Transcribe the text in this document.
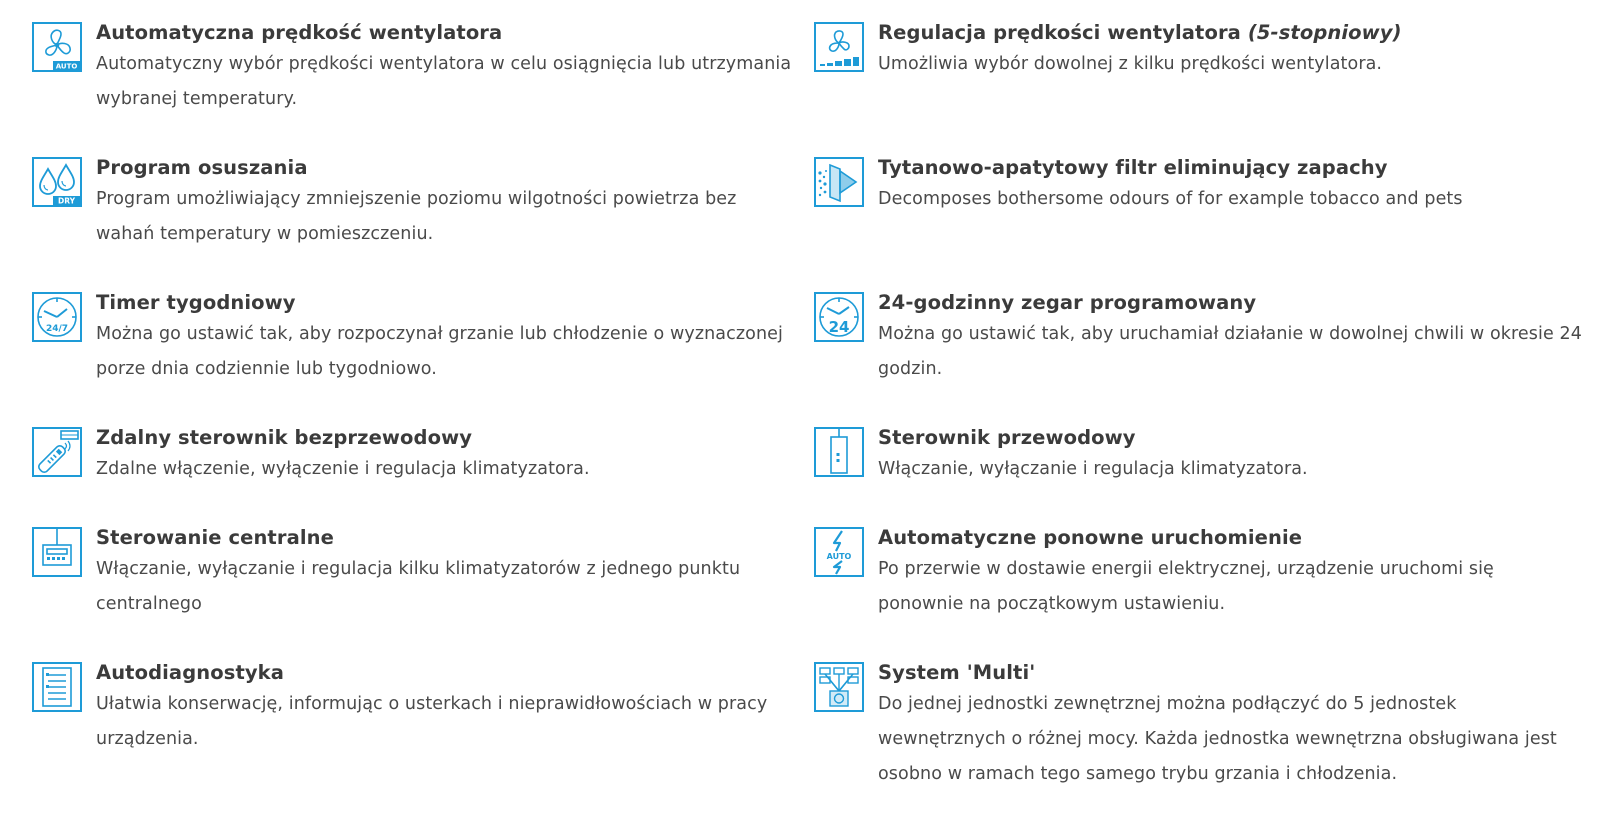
AUTO
Automatyczna prędkość wentylatora
Automatyczny wybór prędkości wentylatora w celu osiągnięcia lub utrzymania wybranej temperatury.
Regulacja prędkości wentylatora (5-stopniowy)
Umożliwia wybór dowolnej z kilku prędkości wentylatora.
DRY
Program osuszania
Program umożliwiający zmniejszenie poziomu wilgotności powietrza bez wahań temperatury w pomieszczeniu.
Tytanowo-apatytowy filtr eliminujący zapachy
Decomposes bothersome odours of for example tobacco and pets
24/7
Timer tygodniowy
Można go ustawić tak, aby rozpoczynał grzanie lub chłodzenie o wyznaczonej porze dnia codziennie lub tygodniowo.
24
24-godzinny zegar programowany
Można go ustawić tak, aby uruchamiał działanie w dowolnej chwili w okresie 24 godzin.
Zdalny sterownik bezprzewodowy
Zdalne włączenie, wyłączenie i regulacja klimatyzatora.
Sterownik przewodowy
Włączanie, wyłączanie i regulacja klimatyzatora.
Sterowanie centralne
Włączanie, wyłączanie i regulacja kilku klimatyzatorów z jednego punktu centralnego
AUTO
Automatyczne ponowne uruchomienie
Po przerwie w dostawie energii elektrycznej, urządzenie uruchomi się ponownie na początkowym ustawieniu.
Autodiagnostyka
Ułatwia konserwację, informując o usterkach i nieprawidłowościach w pracy urządzenia.
System 'Multi'
Do jednej jednostki zewnętrznej można podłączyć do 5 jednostek wewnętrznych o różnej mocy. Każda jednostka wewnętrzna obsługiwana jest osobno w ramach tego samego trybu grzania i chłodzenia.
